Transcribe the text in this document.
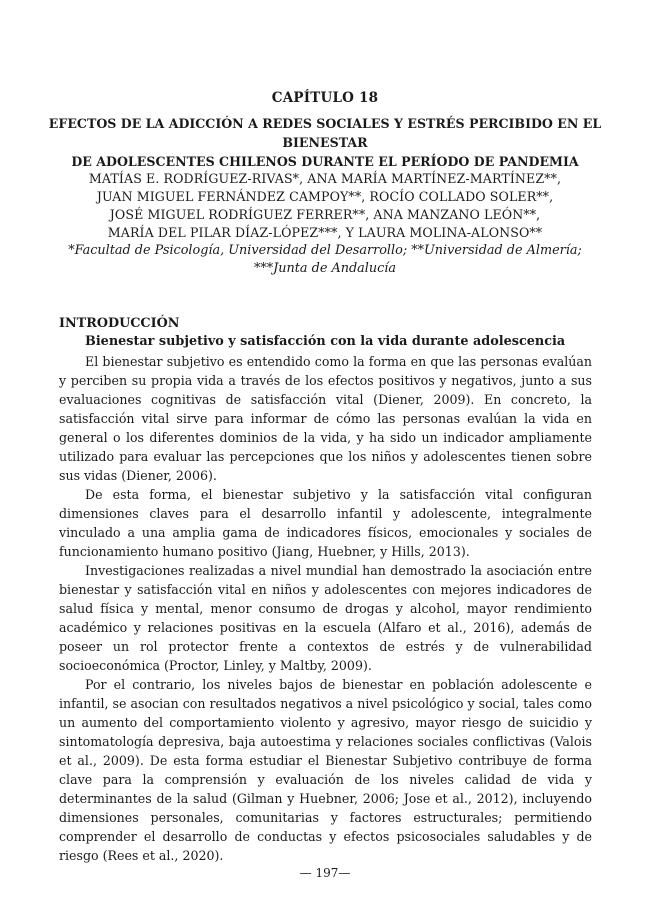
CAPÍTULO 18
EFECTOS DE LA ADICCIÓN A REDES SOCIALES Y ESTRÉS PERCIBIDO EN EL BIENESTAR
DE ADOLESCENTES CHILENOS DURANTE EL PERÍODO DE PANDEMIA
MATÍAS E. RODRÍGUEZ-RIVAS*, ANA MARÍA MARTÍNEZ-MARTÍNEZ**,
JUAN MIGUEL FERNÁNDEZ CAMPOY**, ROCÍO COLLADO SOLER**,
JOSÉ MIGUEL RODRÍGUEZ FERRER**, ANA MANZANO LEÓN**,
MARÍA DEL PILAR DÍAZ-LÓPEZ***, Y LAURA MOLINA-ALONSO**
*Facultad de Psicología, Universidad del Desarrollo; **Universidad de Almería;
***Junta de Andalucía
INTRODUCCIÓN
Bienestar subjetivo y satisfacción con la vida durante adolescencia

El bienestar subjetivo es entendido como la forma en que las personas evalúan y perciben su propia vida a través de los efectos positivos y negativos, junto a sus evaluaciones cognitivas de satisfacción vital (Diener, 2009). En concreto, la satisfacción vital sirve para informar de cómo las personas evalúan la vida en general o los diferentes dominios de la vida, y ha sido un indicador ampliamente utilizado para evaluar las percepciones que los niños y adolescentes tienen sobre sus vidas (Diener, 2006).

De esta forma, el bienestar subjetivo y la satisfacción vital configuran dimensiones claves para el desarrollo infantil y adolescente, integralmente vinculado a una amplia gama de indicadores físicos, emocionales y sociales de funcionamiento humano positivo (Jiang, Huebner, y Hills, 2013).

Investigaciones realizadas a nivel mundial han demostrado la asociación entre bienestar y satisfacción vital en niños y adolescentes con mejores indicadores de salud física y mental, menor consumo de drogas y alcohol, mayor rendimiento académico y relaciones positivas en la escuela (Alfaro et al., 2016), además de poseer un rol protector frente a contextos de estrés y de vulnerabilidad socioeconómica (Proctor, Linley, y Maltby, 2009).

Por el contrario, los niveles bajos de bienestar en población adolescente e infantil, se asocian con resultados negativos a nivel psicológico y social, tales como un aumento del comportamiento violento y agresivo, mayor riesgo de suicidio y sintomatología depresiva, baja autoestima y relaciones sociales conflictivas (Valois et al., 2009). De esta forma estudiar el Bienestar Subjetivo contribuye de forma clave para la comprensión y evaluación de los niveles calidad de vida y determinantes de la salud (Gilman y Huebner, 2006; Jose et al., 2012), incluyendo dimensiones personales, comunitarias y factores estructurales; permitiendo comprender el desarrollo de conductas y efectos psicosociales saludables y de riesgo (Rees et al., 2020).

— 197—
